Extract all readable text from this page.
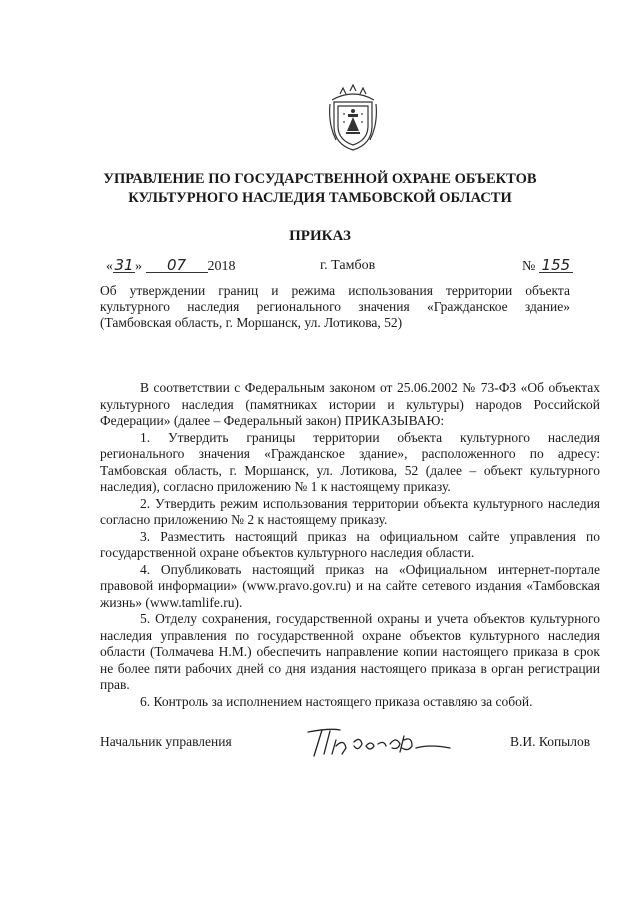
УПРАВЛЕНИЕ ПО ГОСУДАРСТВЕННОЙ ОХРАНЕ ОБЪЕКТОВ
КУЛЬТУРНОГО НАСЛЕДИЯ ТАМБОВСКОЙ ОБЛАСТИ
ПРИКАЗ
«31» 07 2018	г. Тамбов	№ 155
Об утверждении границ и режима использования территории объекта культурного наследия регионального значения «Гражданское здание» (Тамбовская область, г. Моршанск, ул. Лотикова, 52)

В соответствии с Федеральным законом от 25.06.2002 № 73-ФЗ «Об объектах культурного наследия (памятниках истории и культуры) народов Российской Федерации» (далее – Федеральный закон) ПРИКАЗЫВАЮ:

1. Утвердить границы территории объекта культурного наследия регионального значения «Гражданское здание», расположенного по адресу: Тамбовская область, г. Моршанск, ул. Лотикова, 52 (далее – объект культурного наследия), согласно приложению № 1 к настоящему приказу.

2. Утвердить режим использования территории объекта культурного наследия согласно приложению № 2 к настоящему приказу.

3. Разместить настоящий приказ на официальном сайте управления по государственной охране объектов культурного наследия области.

4. Опубликовать настоящий приказ на «Официальном интернет-портале правовой информации» (www.pravo.gov.ru) и на сайте сетевого издания «Тамбовская жизнь» (www.tamlife.ru).

5. Отделу сохранения, государственной охраны и учета объектов культурного наследия управления по государственной охране объектов культурного наследия области (Толмачева Н.М.) обеспечить направление копии настоящего приказа в срок не более пяти рабочих дней со дня издания настоящего приказа в орган регистрации прав.

6. Контроль за исполнением настоящего приказа оставляю за собой.

Начальник управления	В.И. Копылов
